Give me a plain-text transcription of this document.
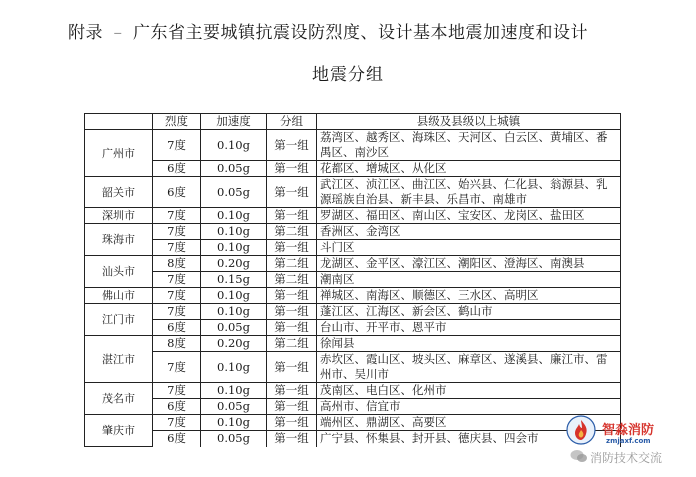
附录 – 广东省主要城镇抗震设防烈度、设计基本地震加速度和设计
地震分组
	烈度	加速度	分组	县级及县级以上城镇
广州市	7度	0.10g	第一组	荔湾区、越秀区、海珠区、天河区、白云区、黄埔区、番禺区、南沙区
	6度	0.05g	第一组	花都区、增城区、从化区
韶关市	6度	0.05g	第一组	武江区、浈江区、曲江区、始兴县、仁化县、翁源县、乳源瑶族自治县、新丰县、乐昌市、南雄市
深圳市	7度	0.10g	第一组	罗湖区、福田区、南山区、宝安区、龙岗区、盐田区
珠海市	7度	0.10g	第二组	香洲区、金湾区
	7度	0.10g	第一组	斗门区
汕头市	8度	0.20g	第二组	龙湖区、金平区、濠江区、潮阳区、澄海区、南澳县
	7度	0.15g	第二组	潮南区
佛山市	7度	0.10g	第一组	禅城区、南海区、顺德区、三水区、高明区
江门市	7度	0.10g	第一组	蓬江区、江海区、新会区、鹤山市
	6度	0.05g	第一组	台山市、开平市、恩平市
湛江市	8度	0.20g	第二组	徐闻县
	7度	0.10g	第一组	赤坎区、霞山区、坡头区、麻章区、遂溪县、廉江市、雷州市、吴川市
茂名市	7度	0.10g	第一组	茂南区、电白区、化州市
	6度	0.05g	第一组	高州市、信宜市
肇庆市	7度	0.10g	第一组	端州区、鼎湖区、高要区
	6度	0.05g	第一组	广宁县、怀集县、封开县、德庆县、四会市	智淼消防
zmjaxf.com
消防技术交流
